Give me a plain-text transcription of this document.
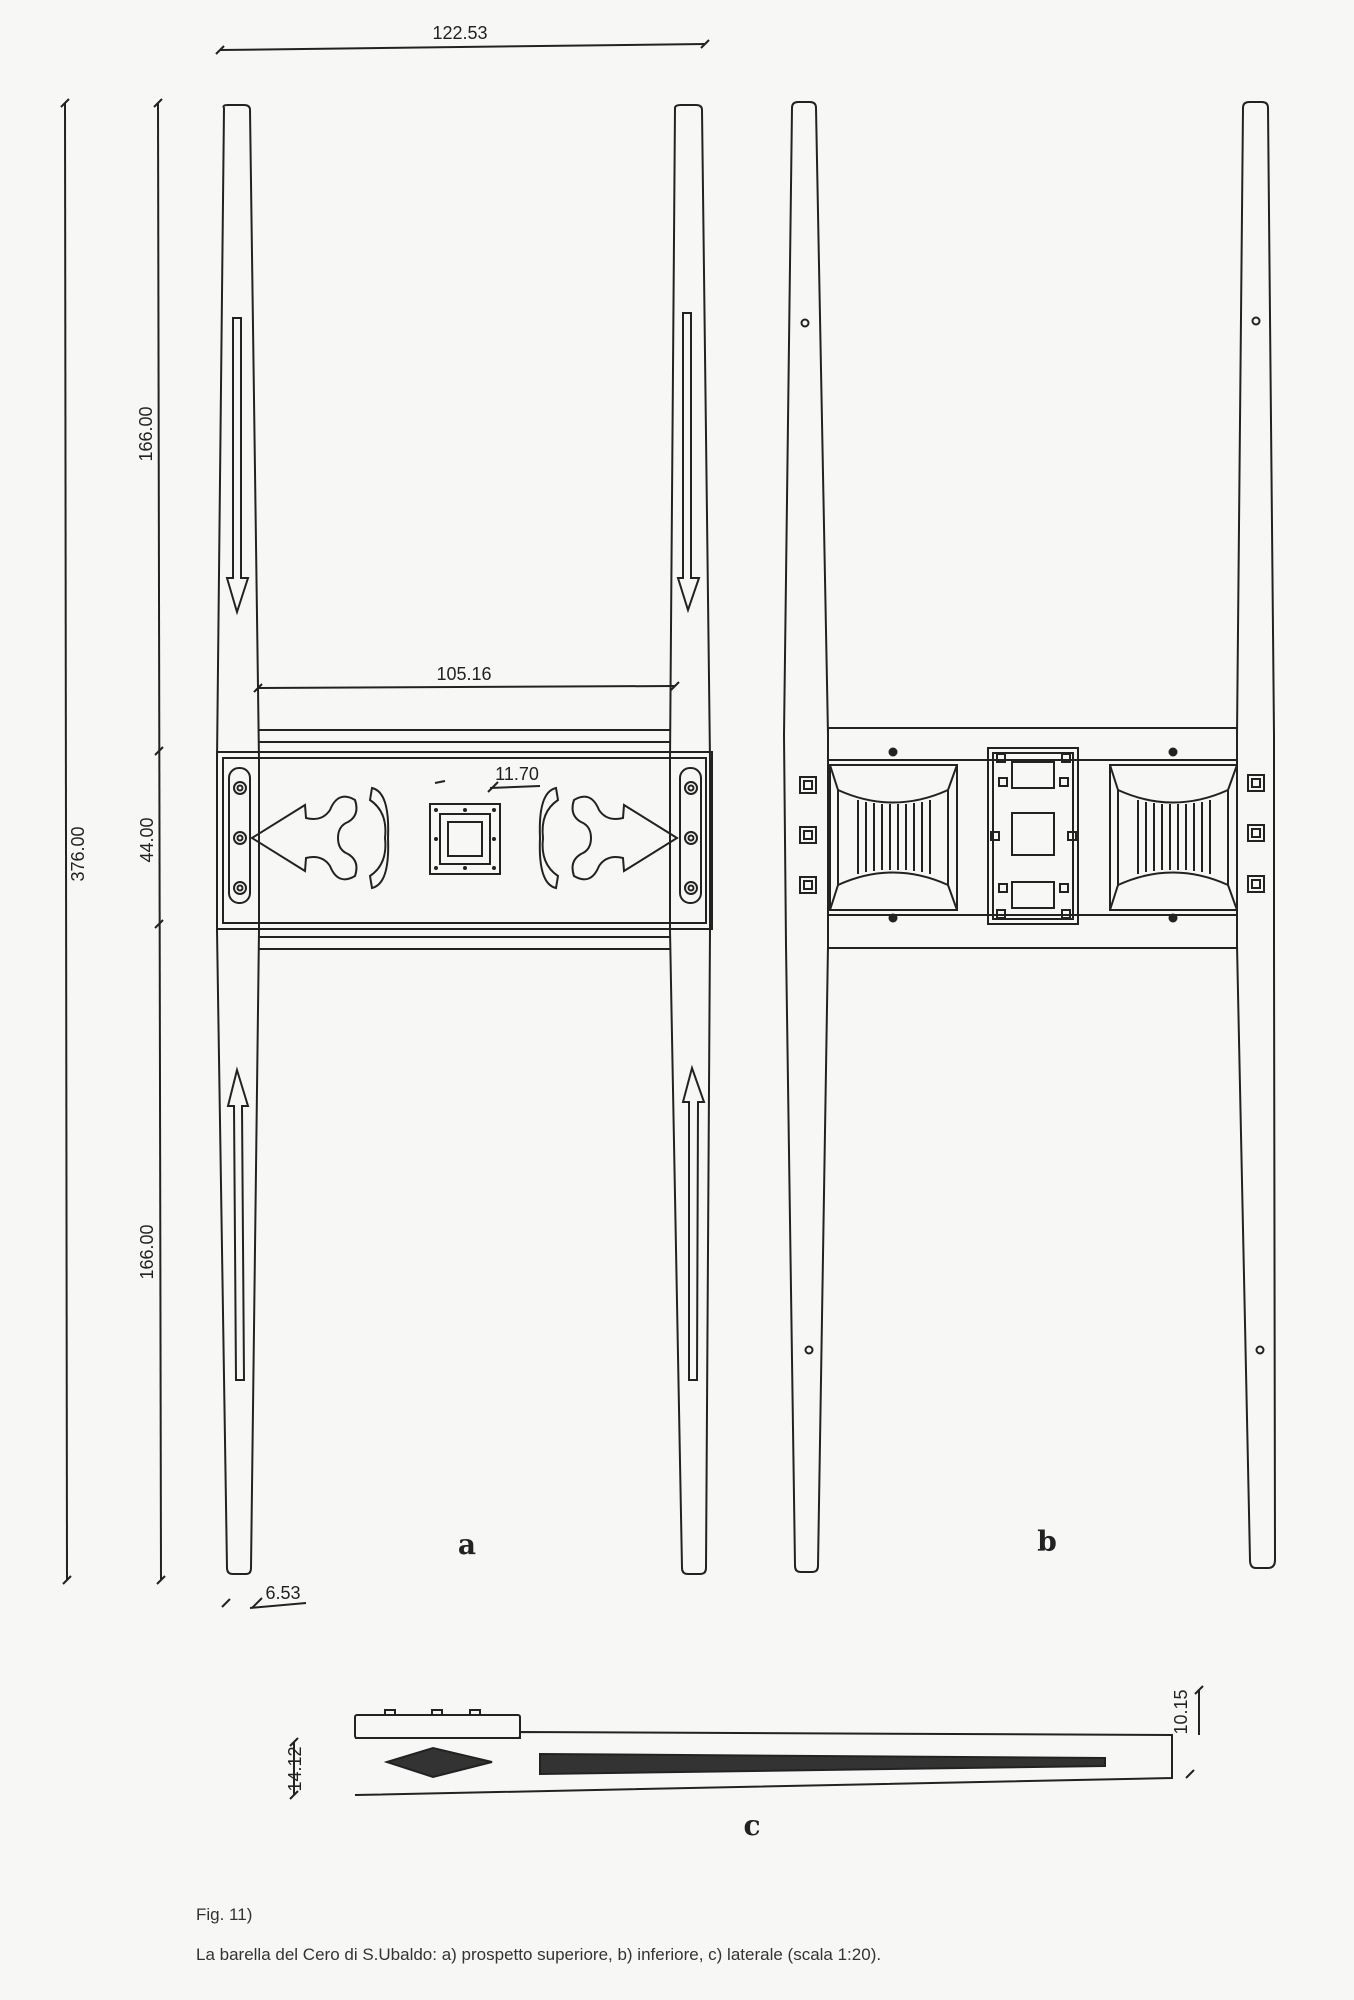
122.53
105.16
11.70
6.53
376.00
166.00
44.00
166.00
14.12
10.15
a	b
c
Fig. 11)
La barella del Cero di S.Ubaldo: a) prospetto superiore, b) inferiore, c) laterale (scala 1:20).
